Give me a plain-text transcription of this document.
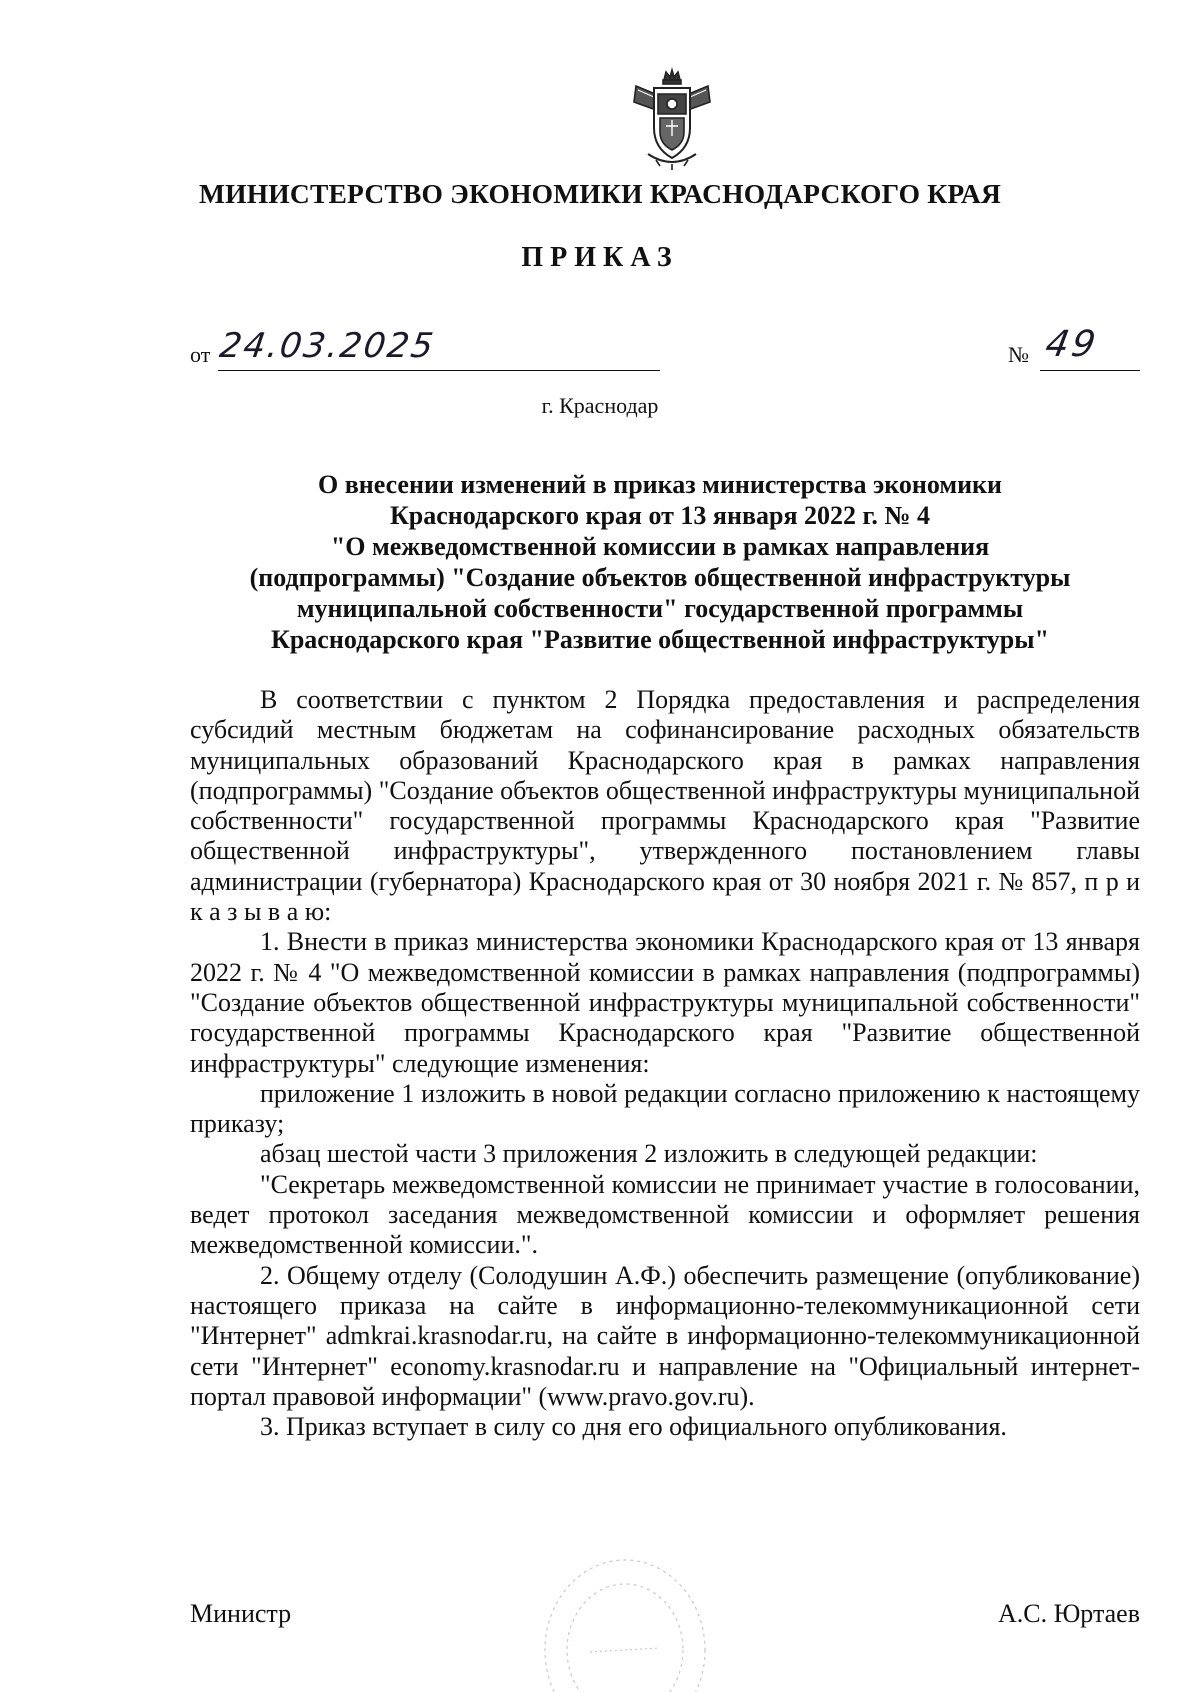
МИНИСТЕРСТВО ЭКОНОМИКИ КРАСНОДАРСКОГО КРАЯ
ПРИКАЗ
от 24.03.2025	№ 49
г. Краснодар
О внесении изменений в приказ министерства экономики
Краснодарского края от 13 января 2022 г. № 4
"О межведомственной комиссии в рамках направления
(подпрограммы) "Создание объектов общественной инфраструктуры
муниципальной собственности" государственной программы
Краснодарского края "Развитие общественной инфраструктуры"

В соответствии с пунктом 2 Порядка предоставления и распределения субсидий местным бюджетам на софинансирование расходных обязательств муниципальных образований Краснодарского края в рамках направления (подпрограммы) "Создание объектов общественной инфраструктуры муниципальной собственности" государственной программы Краснодарского края "Развитие общественной инфраструктуры", утвержденного постановлением главы администрации (губернатора) Краснодарского края от 30 ноября 2021 г. № 857, п р и к а з ы в а ю:

1. Внести в приказ министерства экономики Краснодарского края от 13 января 2022 г. № 4 "О межведомственной комиссии в рамках направления (подпрограммы) "Создание объектов общественной инфраструктуры муниципальной собственности" государственной программы Краснодарского края "Развитие общественной инфраструктуры" следующие изменения:

приложение 1 изложить в новой редакции согласно приложению к настоящему приказу;

абзац шестой части 3 приложения 2 изложить в следующей редакции:

"Секретарь межведомственной комиссии не принимает участие в голосовании, ведет протокол заседания межведомственной комиссии и оформляет решения межведомственной комиссии.".

2. Общему отделу (Солодушин А.Ф.) обеспечить размещение (опубликование) настоящего приказа на сайте в информационно-телекоммуникационной сети "Интернет" admkrai.krasnodar.ru, на сайте в информационно-телекоммуникационной сети "Интернет" economy.krasnodar.ru и направление на "Официальный интернет-портал правовой информации" (www.pravo.gov.ru).

3. Приказ вступает в силу со дня его официального опубликования.

Министр	А.С. Юртаев
